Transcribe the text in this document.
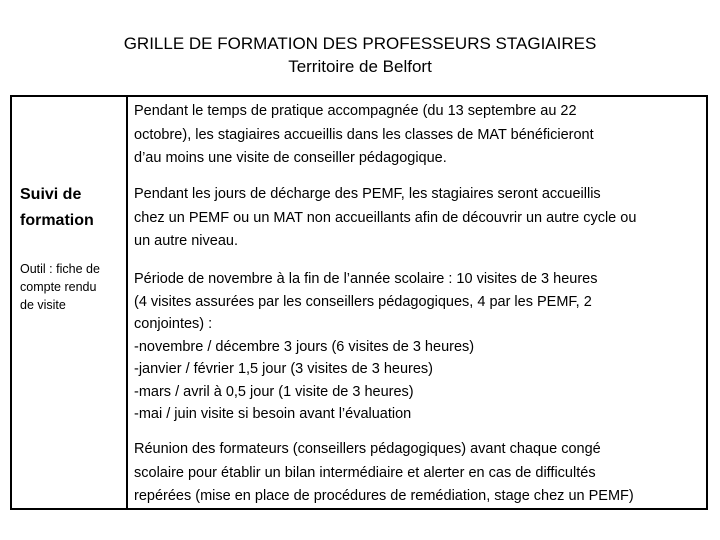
GRILLE DE FORMATION DES PROFESSEURS STAGIAIRES
Territoire de Belfort
Suivi de
formation
Outil : fiche de
compte rendu
de visite
Pendant le temps de pratique accompagnée (du 13 septembre au 22
octobre), les stagiaires accueillis dans les classes de MAT bénéficieront
d’au moins une visite de conseiller pédagogique.
Pendant les jours de décharge des PEMF, les stagiaires seront accueillis
chez un PEMF ou un MAT non accueillants afin de découvrir un autre cycle ou
un autre niveau.
Période de novembre à la fin de l’année scolaire : 10 visites de 3 heures
(4 visites assurées par les conseillers pédagogiques, 4 par les PEMF, 2
conjointes) :
-novembre / décembre 3 jours (6 visites de 3 heures)
-janvier / février 1,5 jour (3 visites de 3 heures)
-mars / avril à 0,5 jour (1 visite de 3 heures)
-mai / juin visite si besoin avant l’évaluation
Réunion des formateurs (conseillers pédagogiques) avant chaque congé
scolaire pour établir un bilan intermédiaire et alerter en cas de difficultés
repérées (mise en place de procédures de remédiation, stage chez un PEMF)
